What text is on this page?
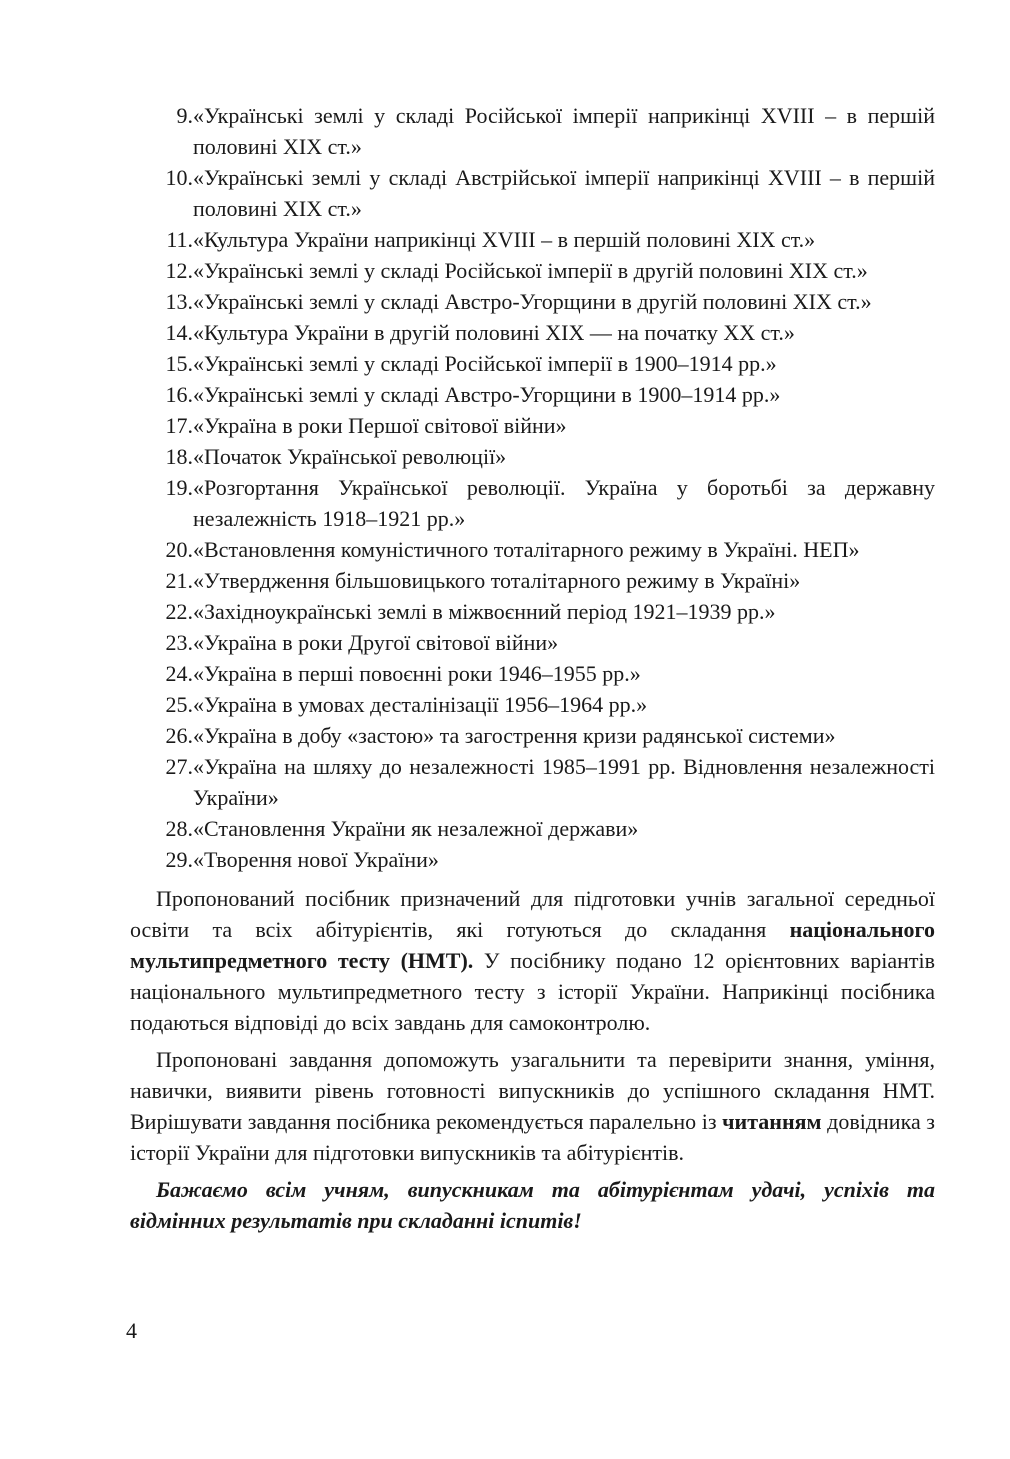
9. «Українські землі у складі Російської імперії наприкінці XVIII – в першій половині XIX ст.»
10. «Українські землі у складі Австрійської імперії наприкінці XVIII – в першій половині XIX ст.»
11. «Культура України наприкінці XVIII – в першій половині XIX ст.»
12. «Українські землі у складі Російської імперії в другій половині XIX ст.»
13. «Українські землі у складі Австро-Угорщини в другій половині XIX ст.»
14. «Культура України в другій половині XIX — на початку XX ст.»
15. «Українські землі у складі Російської імперії в 1900–1914 рр.»
16. «Українські землі у складі Австро-Угорщини в 1900–1914 рр.»
17. «Україна в роки Першої світової війни»
18. «Початок Української революції»
19. «Розгортання Української революції. Україна у боротьбі за державну незалежність 1918–1921 рр.»
20. «Встановлення комуністичного тоталітарного режиму в Україні. НЕП»
21. «Утвердження більшовицького тоталітарного режиму в Україні»
22. «Західноукраїнські землі в міжвоєнний період 1921–1939 рр.»
23. «Україна в роки Другої світової війни»
24. «Україна в перші повоєнні роки 1946–1955 рр.»
25. «Україна в умовах десталінізації 1956–1964 рр.»
26. «Україна в добу «застою» та загострення кризи радянської системи»
27. «Україна на шляху до незалежності 1985–1991 рр. Відновлення незалежності України»
28. «Становлення України як незалежної держави»
29. «Творення нової України»

Пропонований посібник призначений для підготовки учнів загальної середньої освіти та всіх абітурієнтів, які готуються до складання національного мультипредметного тесту (НМТ). У посібнику подано 12 орієнтовних варіантів національного мультипредметного тесту з історії України. Наприкінці посібника подаються відповіді до всіх завдань для самоконтролю.

Пропоновані завдання допоможуть узагальнити та перевірити знання, уміння, навички, виявити рівень готовності випускників до успішного складання НМТ. Вирішувати завдання посібника рекомендується паралельно із читанням довідника з історії України для підготовки випускників та абітурієнтів.

Бажаємо всім учням, випускникам та абітурієнтам удачі, успіхів та відмінних результатів при складанні іспитів!

4
